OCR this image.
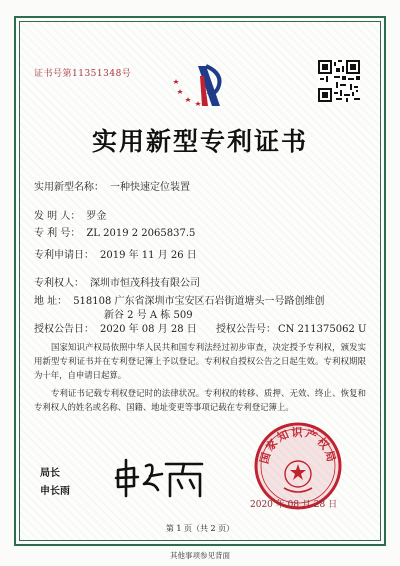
证书号第11351348号
实用新型专利证书
实用新型名称： 一种快速定位装置
发 明 人： 罗金
专 利 号： ZL 2019 2 2065837.5
专利申请日： 2019 年 11 月 26 日
专利权人： 深圳市恒茂科技有限公司
地 址： 518108 广东省深圳市宝安区石岩街道塘头一号路创维创
新谷 2 号 A 栋 509
授权公告日： 2020 年 08 月 28 日 授权公告号： CN 211375062 U

国家知识产权局依照中华人民共和国专利法经过初步审查，决定授予专利权，颁发实用新型专利证书并在专利登记簿上予以登记。专利权自授权公告之日起生效。专利权期限为十年，自申请日起算。

专利证书记载专利权登记时的法律状况。专利权的转移、质押、无效、终止、恢复和专利权人的姓名或名称、国籍、地址变更等事项记载在专利登记簿上。

局长
申长雨
国家知识产权局
2020 年 08 月 28 日
第 1 页（共 2 页）
其他事项参见背面
